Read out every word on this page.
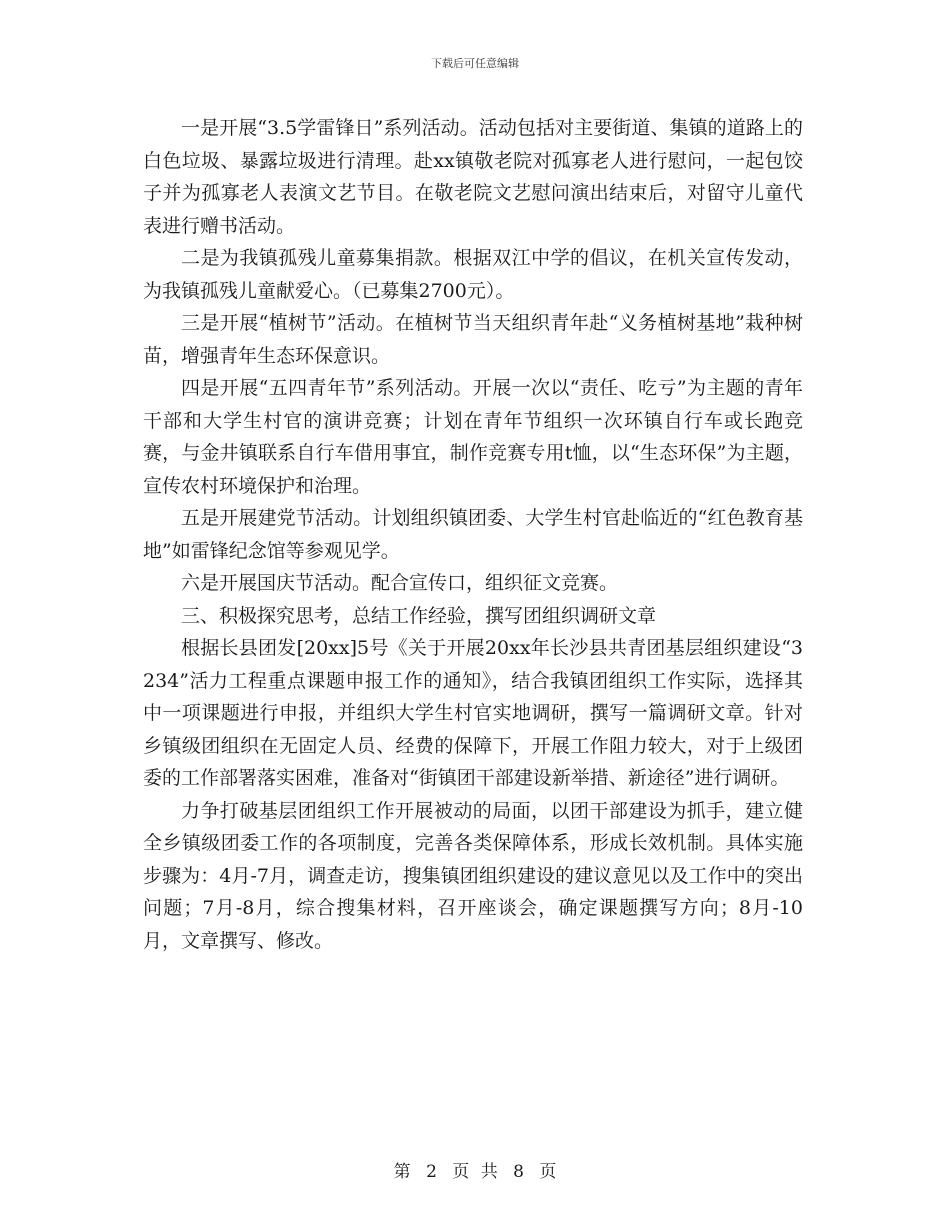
下载后可任意编辑

一是开展“3.5学雷锋日”系列活动。活动包括对主要街道、集镇的道路上的白色垃圾、暴露垃圾进行清理。赴xx镇敬老院对孤寡老人进行慰问，一起包饺子并为孤寡老人表演文艺节目。在敬老院文艺慰问演出结束后，对留守儿童代表进行赠书活动。

二是为我镇孤残儿童募集捐款。根据双江中学的倡议，在机关宣传发动，为我镇孤残儿童献爱心。（已募集2700元）。

三是开展“植树节”活动。在植树节当天组织青年赴“义务植树基地”栽种树苗，增强青年生态环保意识。

四是开展“五四青年节”系列活动。开展一次以“责任、吃亏”为主题的青年干部和大学生村官的演讲竞赛；计划在青年节组织一次环镇自行车或长跑竞赛，与金井镇联系自行车借用事宜，制作竞赛专用t恤，以“生态环保”为主题，宣传农村环境保护和治理。

五是开展建党节活动。计划组织镇团委、大学生村官赴临近的“红色教育基地”如雷锋纪念馆等参观见学。

六是开展国庆节活动。配合宣传口，组织征文竞赛。

三、积极探究思考，总结工作经验，撰写团组织调研文章

根据长县团发[20xx]5号《关于开展20xx年长沙县共青团基层组织建设“3234”活力工程重点课题申报工作的通知》，结合我镇团组织工作实际，选择其中一项课题进行申报，并组织大学生村官实地调研，撰写一篇调研文章。针对乡镇级团组织在无固定人员、经费的保障下，开展工作阻力较大，对于上级团委的工作部署落实困难，准备对“街镇团干部建设新举措、新途径”进行调研。

力争打破基层团组织工作开展被动的局面，以团干部建设为抓手，建立健全乡镇级团委工作的各项制度，完善各类保障体系，形成长效机制。具体实施步骤为：4月-7月，调查走访，搜集镇团组织建设的建议意见以及工作中的突出问题；7月-8月，综合搜集材料，召开座谈会，确定课题撰写方向；8月-10月，文章撰写、修改。

第 2 页 共 8 页
